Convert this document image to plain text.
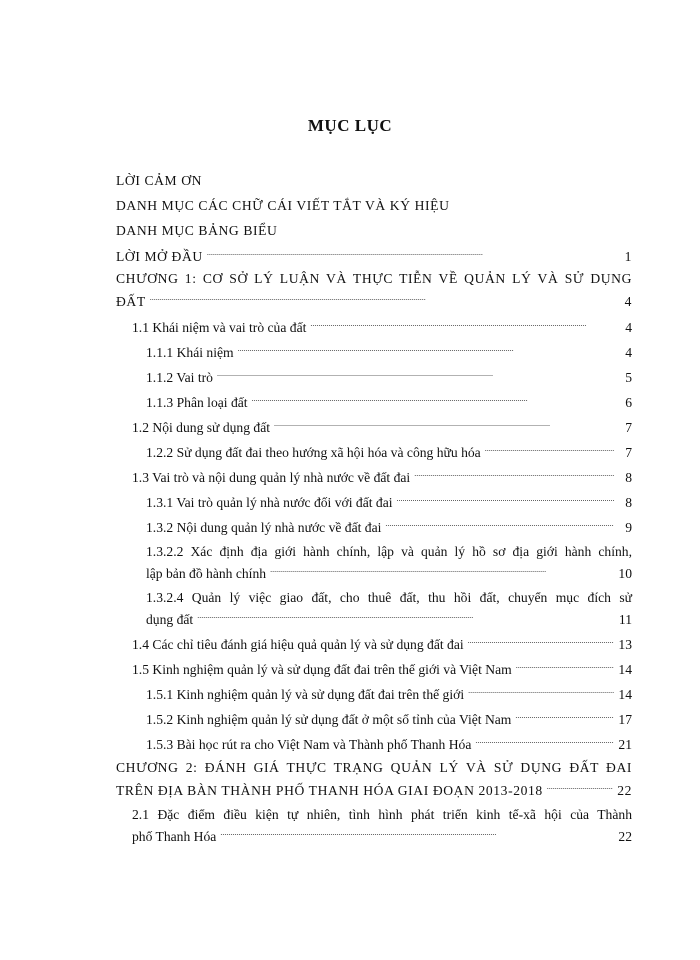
MỤC LỤC
LỜI CẢM ƠN
DANH MỤC CÁC CHỮ CÁI VIẾT TẮT VÀ KÝ HIỆU
DANH MỤC BẢNG BIỂU
LỜI MỞ ĐẦU . . .	1
CHƯƠNG 1: CƠ SỞ LÝ LUẬN VÀ THỰC TIỄN VỀ QUẢN LÝ VÀ SỬ DỤNG
ĐẤT . . .	4
1.1 Khái niệm và vai trò của đất . . .	4
1.1.1 Khái niệm . . .	4
1.1.2 Vai trò . . .	5
1.1.3 Phân loại đất . . .	6
1.2 Nội dung sử dụng đất . . .	7
1.2.2 Sử dụng đất đai theo hướng xã hội hóa và công hữu hóa . . .	7
1.3 Vai trò và nội dung quản lý nhà nước về đất đai . . .	8
1.3.1 Vai trò quản lý nhà nước đối với đất đai . . .	8
1.3.2 Nội dung quản lý nhà nước về đất đai . . .	9
1.3.2.2 Xác định địa giới hành chính, lập và quản lý hồ sơ địa giới hành chính,
lập bản đồ hành chính . . .	10
1.3.2.4 Quản lý việc giao đất, cho thuê đất, thu hồi đất, chuyển mục đích sử
dụng đất . . .	11
1.4 Các chỉ tiêu đánh giá hiệu quả quản lý và sử dụng đất đai . . .	13
1.5 Kinh nghiệm quản lý và sử dụng đất đai trên thế giới và Việt Nam . . .	14
1.5.1 Kinh nghiệm quản lý và sử dụng đất đai trên thế giới . . .	14
1.5.2 Kinh nghiệm quản lý sử dụng đất ở một số tỉnh của Việt Nam . . .	17
1.5.3 Bài học rút ra cho Việt Nam và Thành phố Thanh Hóa . . .	21
CHƯƠNG 2: ĐÁNH GIÁ THỰC TRẠNG QUẢN LÝ VÀ SỬ DỤNG ĐẤT ĐAI
TRÊN ĐỊA BÀN THÀNH PHỐ THANH HÓA GIAI ĐOẠN 2013-2018 . . .	22
2.1 Đặc điểm điều kiện tự nhiên, tình hình phát triển kinh tế-xã hội của Thành
phố Thanh Hóa . . .	22
